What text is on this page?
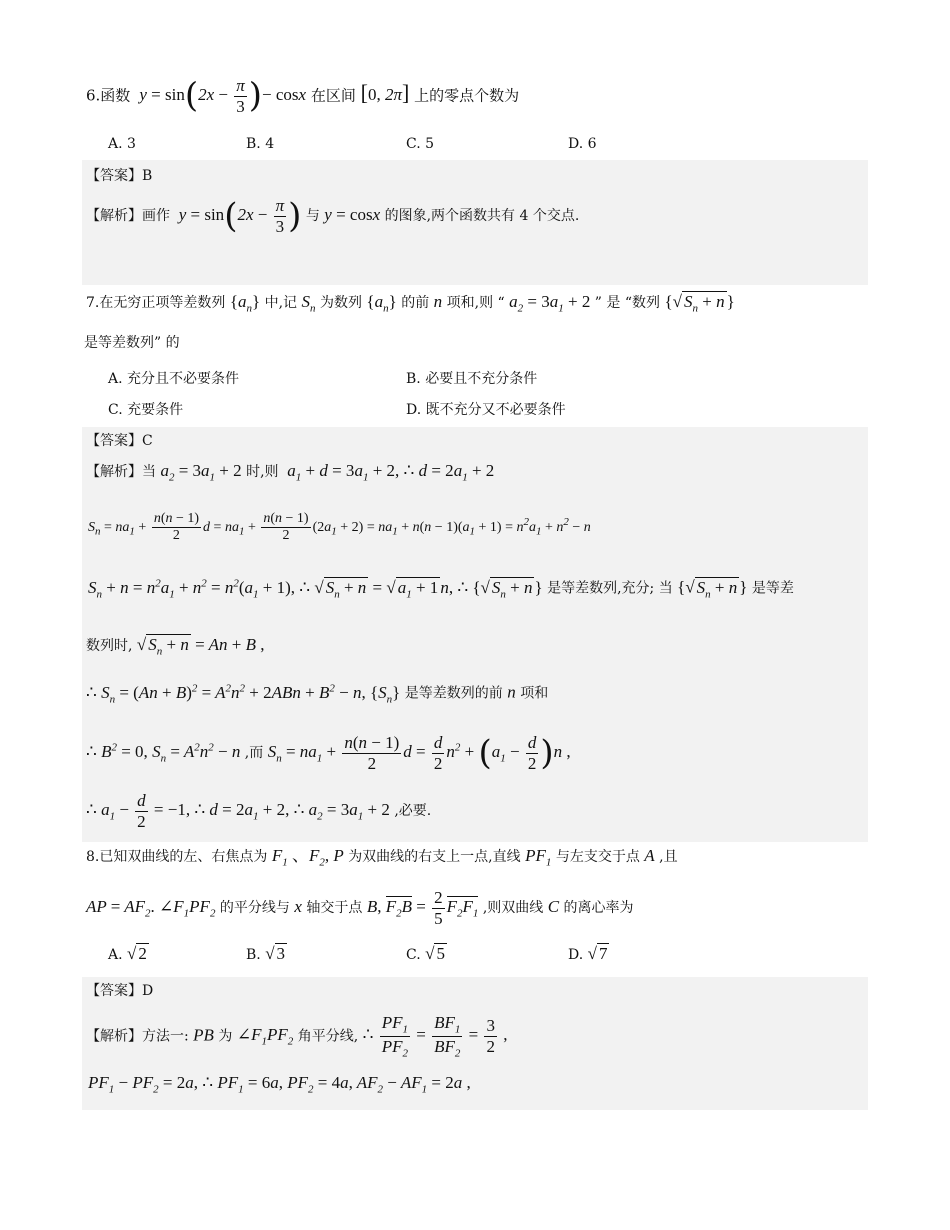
6.函数  $y = \sin(2x - \frac{\pi}{3}$ )− cosx 在区间 [0, 2π] 上的零点个数为
A. 3	B. 4	C. 5	D. 6
【答案】B
【解析】画作  $y = \sin(2x - \frac{\pi}{3}$ ) 与 y = cosx 的图象,两个函数共有 4 个交点.
7.在无穷正项等差数列 $\{a_n\}$ 中,记 $S_n$ 为数列 $\{a_n\}$ 的前 n 项和,则 “ $a_2 = 3a_1 + 2$ ” 是 “数列 {√ $S_n + n$ }
是等差数列” 的
A. 充分且不必要条件	B. 必要且不充分条件
C. 充要条件	D. 既不充分又不必要条件
【答案】C
【解析】当 $a_2 = 3a_1 + 2$ 时,则  $a_1 + d = 3a_1 + 2$, ∴ $d = 2a_1 + 2$
$S_n = na_1 + \frac{n(n - 1)}{2}$ $d = na_1 + \frac{n(n - 1)}{2} (2a_1 + 2) = na_1 + n(n - 1)(a_1 + 1) = n^2a_1 + n^2 - n$
$S_n + n = n^2a_1 + n^2 = n^2(a_1 + 1)$, ∴ √ $S_n + n$ = √ $a_1 + 1$ n, ∴ {√ $S_n + n$ } 是等差数列,充分; 当 {√ $S_n + n$ } 是等差
数列时, √ $S_n + n = An + B$ ,
∴ $S_n = (An + B)^2 = A^2n^2 + 2ABn + B^2 - n$, $\{S_n\}$ 是等差数列的前 n 项和
∴ $B^2 = 0$, $S_n = A^2n^2 - n$ ,而 $S_n = na_1 + \frac{n(n - 1)}{2}$ $d = \frac{d}{2} n^2 + (a_1 - \frac{d}{2} )n$ ,
∴ $a_1 - \frac{d}{2} = -1$, ∴ $d = 2a_1 + 2$, ∴ $a_2 = 3a_1 + 2$ ,必要.
8.已知双曲线的左、右焦点为 $F_1$ 、$F_2$, P 为双曲线的右支上一点,直线 $PF_1$ 与左支交于点 A ,且
AP = $AF_2$. $\angle F_1PF_2$ 的平分线与 x 轴交于点 B, $F_2B = \frac{2}{5} F_2F_1$ ,则双曲线 C 的离心率为
A. √ 2	B. √ 3	C. √ 5	D. √ 7
【答案】D
【解析】方法一: PB 为 $\angle F_1PF_2$ 角平分线, ∴ $\frac{PF_1}{PF_2} = \frac{BF_1}{BF_2} = \frac{3}{2}$ ,
$PF_1 - PF_2 = 2a$, ∴ $PF_1 = 6a$, $PF_2 = 4a$, $AF_2 - AF_1 = 2a$ ,
